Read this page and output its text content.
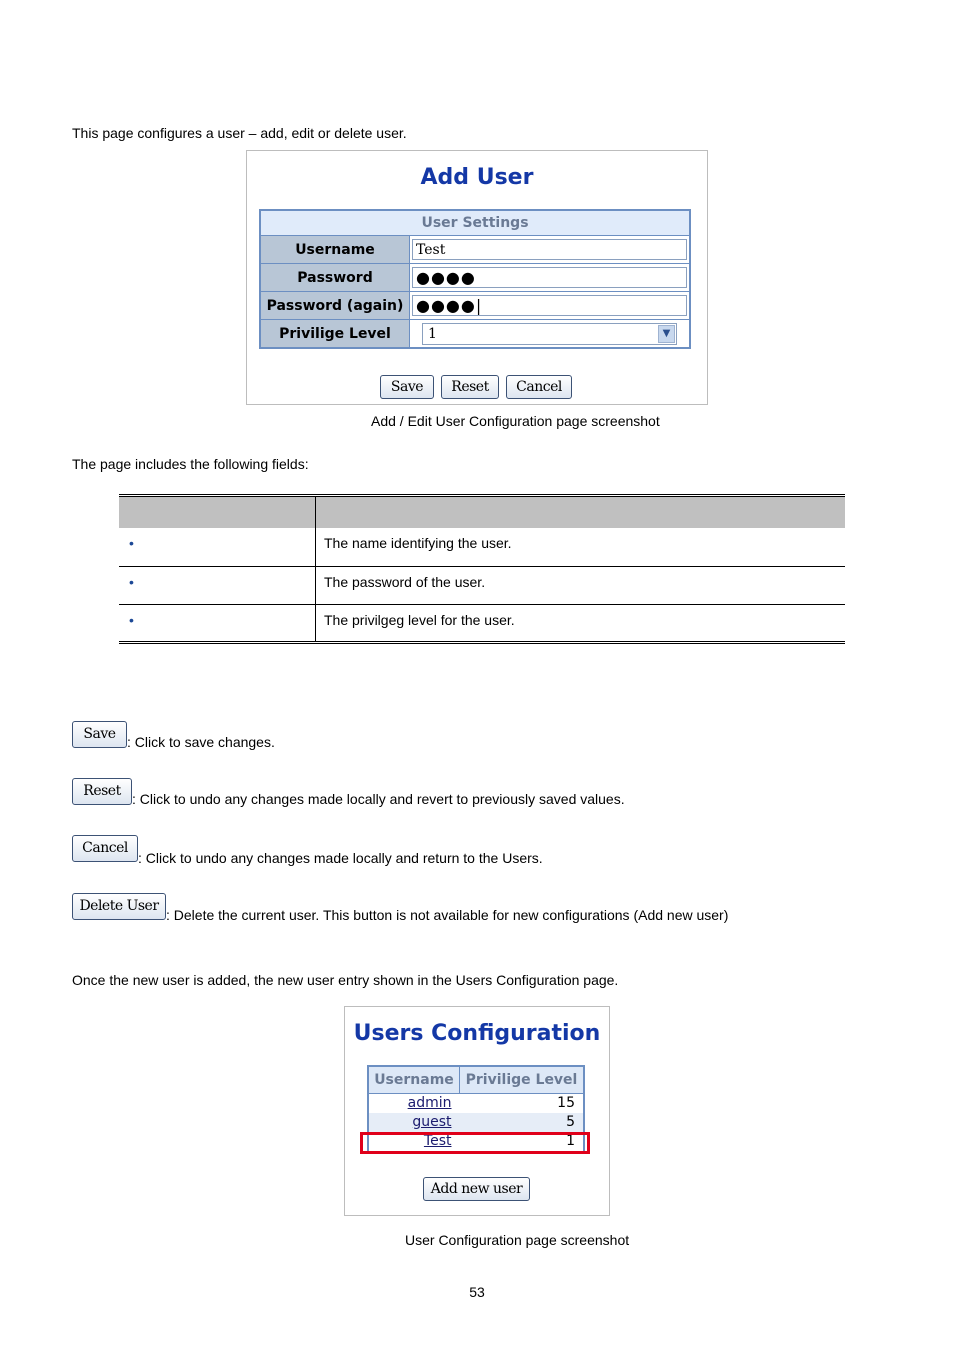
This page configures a user – add, edit or delete user.
Add User
User Settings	
Username	Test

Password	●●●●

Password (again)	●●●●|

Privilige Level	1 ▼
Save	Reset	Cancel
Add / Edit User Configuration page screenshot
The page includes the following fields:

•	The name identifying the user.
•	The password of the user.
•	The privilgeg level for the user.
Save : Click to save changes.
Reset : Click to undo any changes made locally and revert to previously saved values.
Cancel
: Click to undo any changes made locally and return to the Users.
Delete User
: Delete the current user. This button is not available for new configurations (Add new user)
Once the new user is added, the new user entry shown in the Users Configuration page.
Users Configuration
Username	Privilige Level
admin	15
guest	5
Test	1
Add new user
User Configuration page screenshot
53
